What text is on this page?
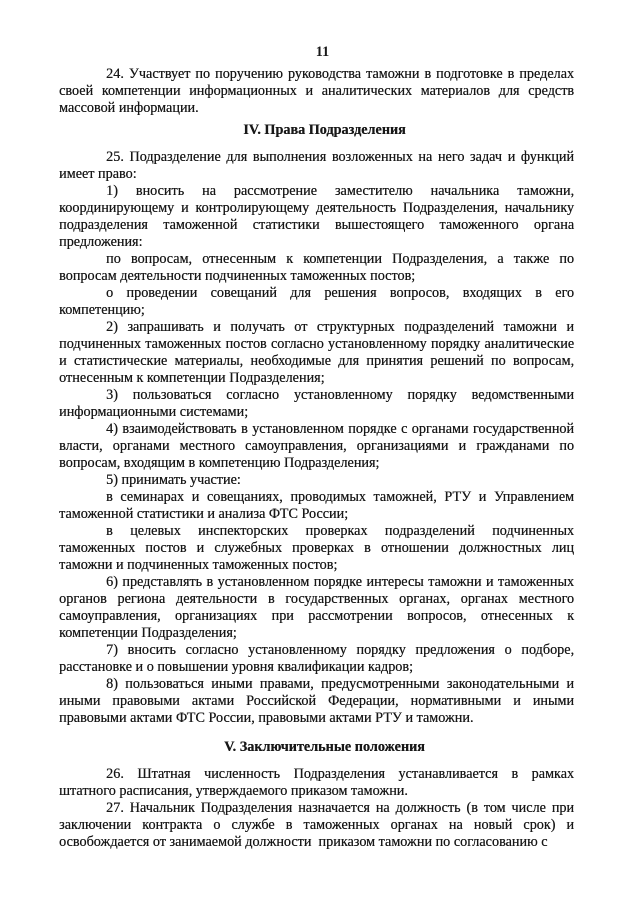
11

24. Участвует по поручению руководства таможни в подготовке в пределах своей компетенции информационных и аналитических материалов для средств массовой информации.

IV. Права Подразделения

25. Подразделение для выполнения возложенных на него задач и функций имеет право:

1) вносить на рассмотрение заместителю начальника таможни, координирующему и контролирующему деятельность Подразделения, начальнику подразделения таможенной статистики вышестоящего таможенного органа предложения:

по вопросам, отнесенным к компетенции Подразделения, а также по вопросам деятельности подчиненных таможенных постов;

о проведении совещаний для решения вопросов, входящих в его компетенцию;

2) запрашивать и получать от структурных подразделений таможни и подчиненных таможенных постов согласно установленному порядку аналитические и статистические материалы, необходимые для принятия решений по вопросам, отнесенным к компетенции Подразделения;

3) пользоваться согласно установленному порядку ведомственными информационными системами;

4) взаимодействовать в установленном порядке с органами государственной власти, органами местного самоуправления, организациями и гражданами по вопросам, входящим в компетенцию Подразделения;

5) принимать участие:

в семинарах и совещаниях, проводимых таможней, РТУ и Управлением таможенной статистики и анализа ФТС России;

в целевых инспекторских проверках подразделений подчиненных таможенных постов и служебных проверках в отношении должностных лиц таможни и подчиненных таможенных постов;

6) представлять в установленном порядке интересы таможни и таможенных органов региона деятельности в государственных органах, органах местного самоуправления, организациях при рассмотрении вопросов, отнесенных к компетенции Подразделения;

7) вносить согласно установленному порядку предложения о подборе, расстановке и о повышении уровня квалификации кадров;

8) пользоваться иными правами, предусмотренными законодательными и иными правовыми актами Российской Федерации, нормативными и иными правовыми актами ФТС России, правовыми актами РТУ и таможни.

V. Заключительные положения

26. Штатная численность Подразделения устанавливается в рамках штатного расписания, утверждаемого приказом таможни.

27. Начальник Подразделения назначается на должность (в том числе при заключении контракта о службе в таможенных органах на новый срок) и освобождается от занимаемой должности  приказом таможни по согласованию с
